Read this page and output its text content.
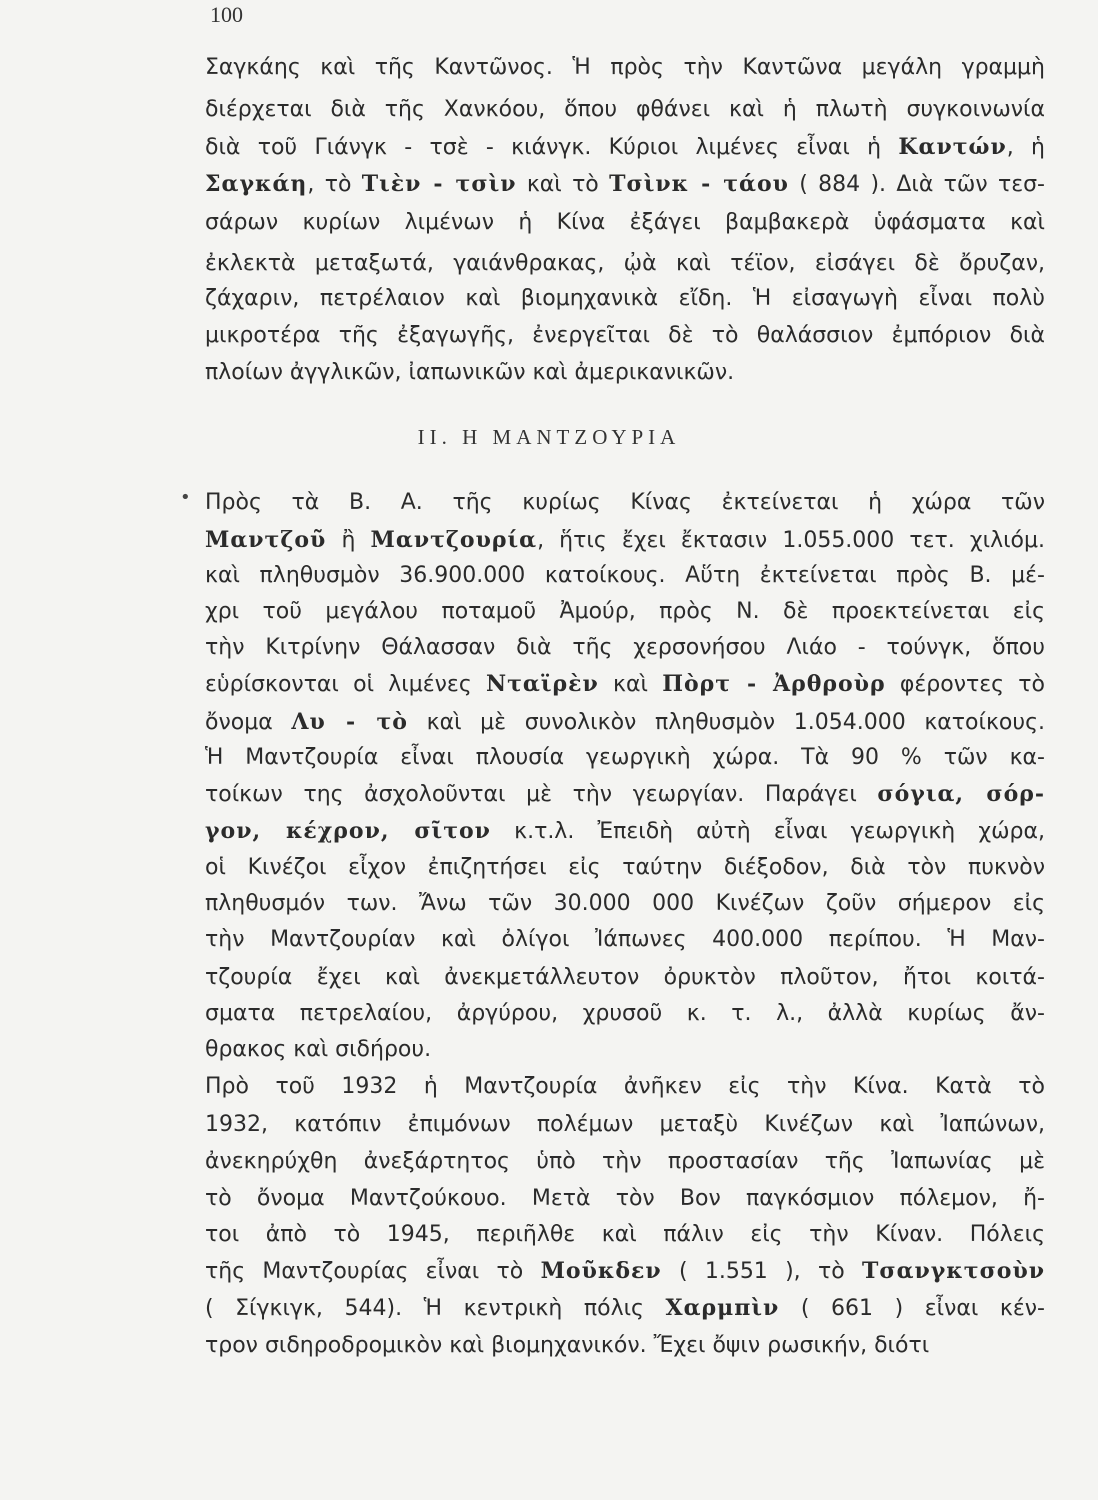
100
II. Η ΜΑΝΤΖΟΥΡΙΑ
•
Σαγκάης καὶ τῆς Καντῶνος. Ἡ πρὸς τὴν Καντῶνα μεγάλη γραμμὴ
διέρχεται διὰ τῆς Χανκόου, ὅπου φθάνει καὶ ἡ πλωτὴ συγκοινωνία
διὰ τοῦ Γιάνγκ - τσὲ - κιάνγκ. Κύριοι λιμένες εἶναι ἡ Καντών, ἡ
Σαγκάη, τὸ Τιὲν - τσὶν καὶ τὸ Τσὶνκ - τάου ( 884 ). Διὰ τῶν τεσ-
σάρων κυρίων λιμένων ἡ Κίνα ἐξάγει βαμβακερὰ ὑφάσματα καὶ
ἐκλεκτὰ μεταξωτά, γαιάνθρακας, ᾠὰ καὶ τέϊον, εἰσάγει δὲ ὄρυζαν,
ζάχαριν, πετρέλαιον καὶ βιομηχανικὰ εἴδη. Ἡ εἰσαγωγὴ εἶναι πολὺ
μικροτέρα τῆς ἐξαγωγῆς, ἐνεργεῖται δὲ τὸ θαλάσσιον ἐμπόριον διὰ
πλοίων ἀγγλικῶν, ἰαπωνικῶν καὶ ἀμερικανικῶν.
Πρὸς τὰ Β. Α. τῆς κυρίως Κίνας ἐκτείνεται ἡ χώρα τῶν
Μαντζοῦ ἢ Μαντζουρία, ἥτις ἔχει ἔκτασιν 1.055.000 τετ. χιλιόμ.
καὶ πληθυσμὸν 36.900.000 κατοίκους. Αὕτη ἐκτείνεται πρὸς Β. μέ-
χρι τοῦ μεγάλου ποταμοῦ Ἀμούρ, πρὸς Ν. δὲ προεκτείνεται εἰς
τὴν Κιτρίνην Θάλασσαν διὰ τῆς χερσονήσου Λιάο - τούνγκ, ὅπου
εὑρίσκονται οἱ λιμένες Νταϊρὲν καὶ Πὸρτ - Ἀρθροὺρ φέροντες τὸ
ὄνομα Λυ - τὸ καὶ μὲ συνολικὸν πληθυσμὸν 1.054.000 κατοίκους.
Ἡ Μαντζουρία εἶναι πλουσία γεωργικὴ χώρα. Τὰ 90 % τῶν κα-
τοίκων της ἀσχολοῦνται μὲ τὴν γεωργίαν. Παράγει σόγια, σόρ-
γον, κέχρον, σῖτον κ.τ.λ. Ἐπειδὴ αὐτὴ εἶναι γεωργικὴ χώρα,
οἱ Κινέζοι εἶχον ἐπιζητήσει εἰς ταύτην διέξοδον, διὰ τὸν πυκνὸν
πληθυσμόν των. Ἄνω τῶν 30.000 000 Κινέζων ζοῦν σήμερον εἰς
τὴν Μαντζουρίαν καὶ ὀλίγοι Ἰάπωνες 400.000 περίπου. Ἡ Μαν-
τζουρία ἔχει καὶ ἀνεκμετάλλευτον ὀρυκτὸν πλοῦτον, ἤτοι κοιτά-
σματα πετρελαίου, ἀργύρου, χρυσοῦ κ. τ. λ., ἀλλὰ κυρίως ἄν-
θρακος καὶ σιδήρου.
Πρὸ τοῦ 1932 ἡ Μαντζουρία ἀνῆκεν εἰς τὴν Κίνα. Κατὰ τὸ
1932, κατόπιν ἐπιμόνων πολέμων μεταξὺ Κινέζων καὶ Ἰαπώνων,
ἀνεκηρύχθη ἀνεξάρτητος ὑπὸ τὴν προστασίαν τῆς Ἰαπωνίας μὲ
τὸ ὄνομα Μαντζούκουο. Μετὰ τὸν Βον παγκόσμιον πόλεμον, ἤ-
τοι ἀπὸ τὸ 1945, περιῆλθε καὶ πάλιν εἰς τὴν Κίναν. Πόλεις
τῆς Μαντζουρίας εἶναι τὸ Μοῦκδεν ( 1.551 ), τὸ Τσανγκτσοὺν
( Σίγκιγκ, 544). Ἡ κεντρικὴ πόλις Χαρμπὶν ( 661 ) εἶναι κέν-
τρον σιδηροδρομικὸν καὶ βιομηχανικόν. Ἔχει ὄψιν ρωσικήν, διότι
